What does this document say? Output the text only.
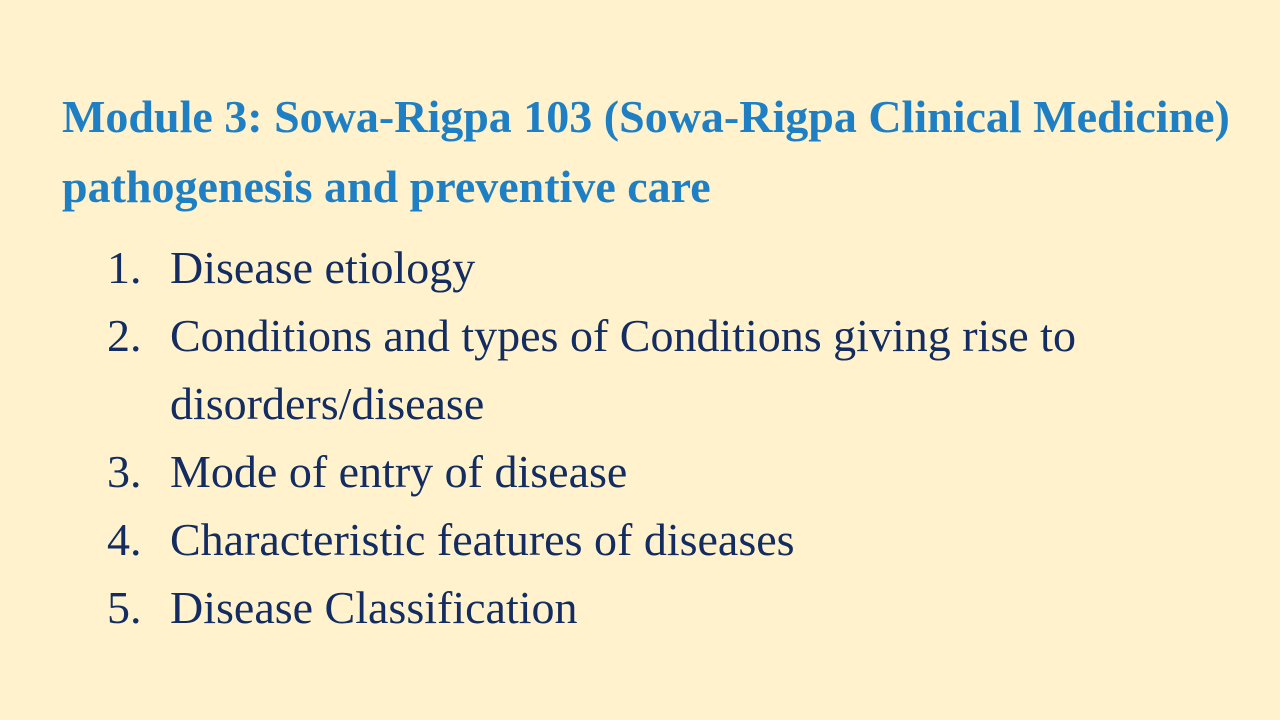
Module 3: Sowa-Rigpa 103 (Sowa-Rigpa Clinical Medicine) pathogenesis and preventive care
1. Disease etiology
2. Conditions and types of Conditions giving rise to disorders/disease
3. Mode of entry of disease
4. Characteristic features of diseases
5. Disease Classification
